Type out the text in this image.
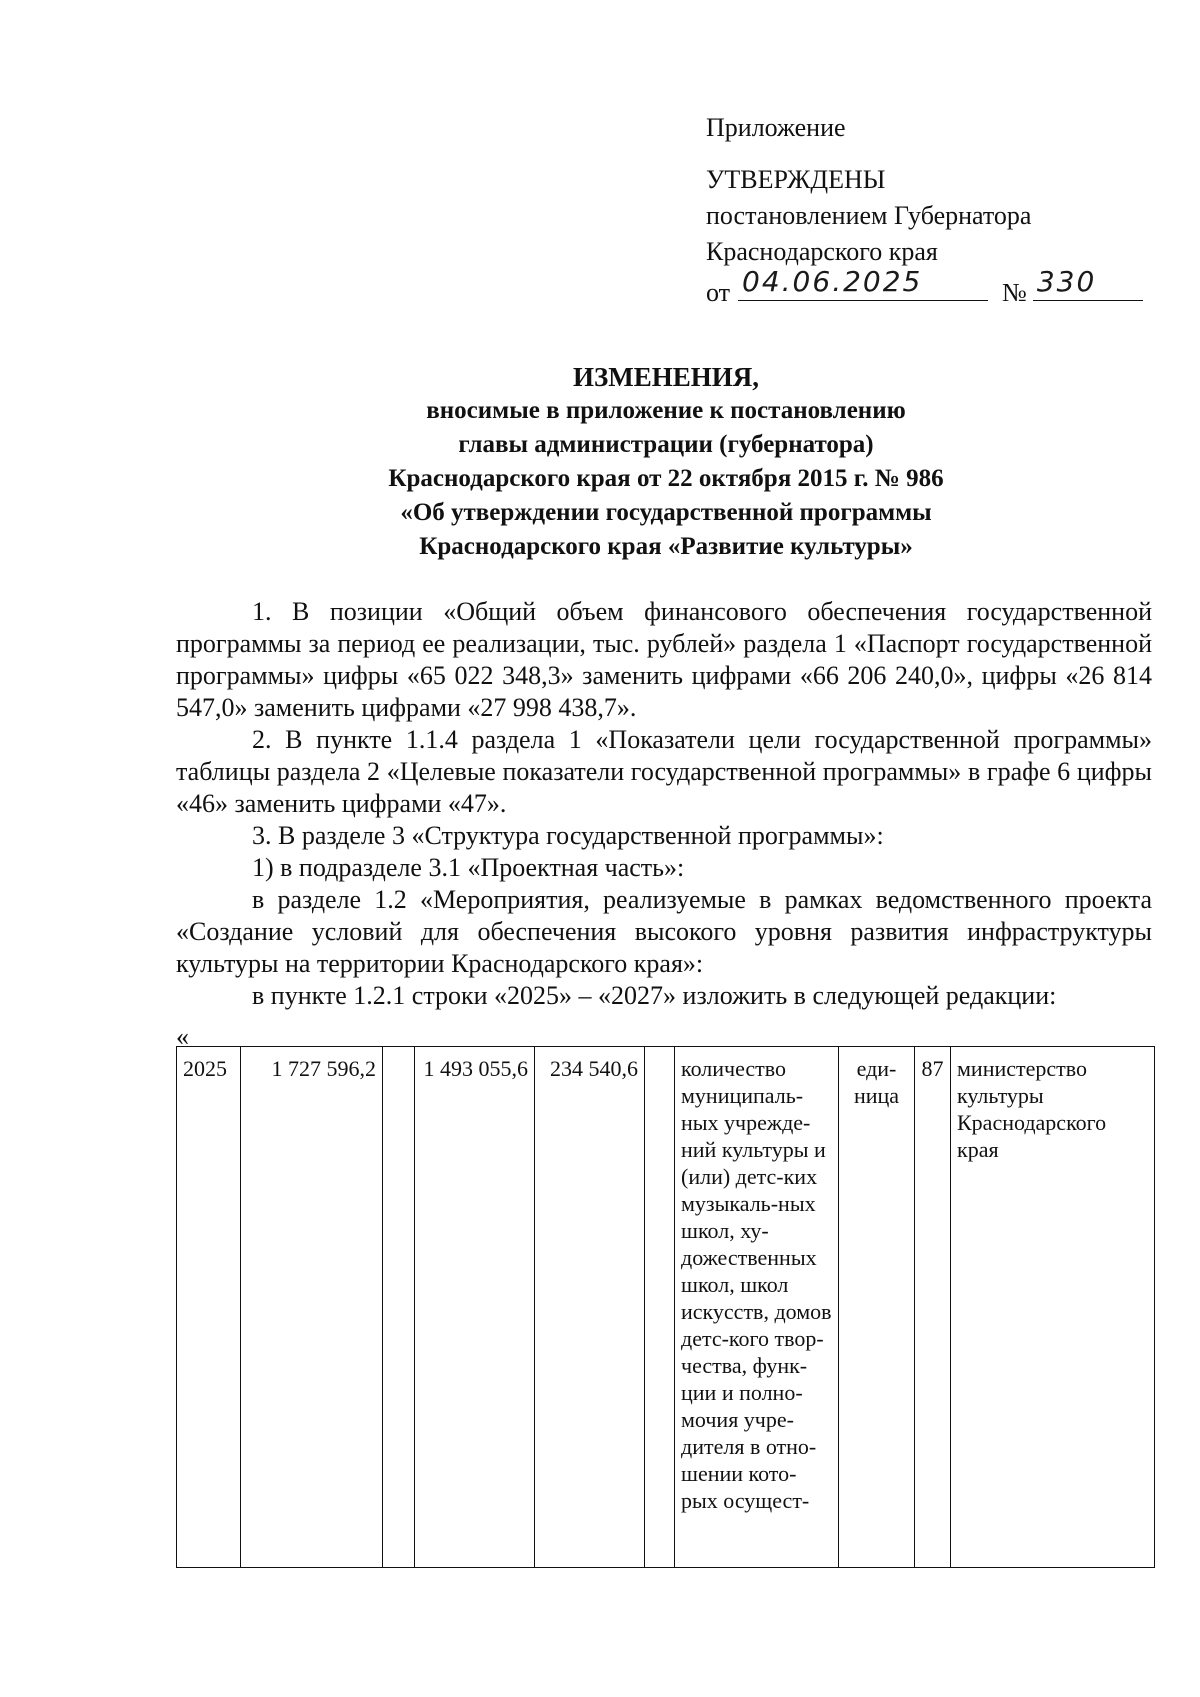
Приложение
УТВЕРЖДЕНЫ
постановлением Губернатора
Краснодарского края
от 04.06.2025	№ 330
ИЗМЕНЕНИЯ,
вносимые в приложение к постановлению
главы администрации (губернатора)
Краснодарского края от 22 октября 2015 г. № 986
«Об утверждении государственной программы
Краснодарского края «Развитие культуры»

1. В позиции «Общий объем финансового обеспечения государственной программы за период ее реализации, тыс. рублей» раздела 1 «Паспорт государственной программы» цифры «65 022 348,3» заменить цифрами «66 206 240,0», цифры «26 814 547,0» заменить цифрами «27 998 438,7».

2. В пункте 1.1.4 раздела 1 «Показатели цели государственной программы» таблицы раздела 2 «Целевые показатели государственной программы» в графе 6 цифры «46» заменить цифрами «47».

3. В разделе 3 «Структура государственной программы»:

1) в подразделе 3.1 «Проектная часть»:

в разделе 1.2 «Мероприятия, реализуемые в рамках ведомственного проекта «Создание условий для обеспечения высокого уровня развития инфраструктуры культуры на территории Краснодарского края»:

в пункте 1.2.1 строки «2025» – «2027» изложить в следующей редакции:

«
2025	1 727 596,2		1 493 055,6	234 540,6		количество муниципаль-ных учрежде-ний культуры и (или) детс-ких музыкаль-ных школ, ху-дожественных школ, школ искусств, домов детс-кого твор-чества, функ-ции и полно-мочия учре-дителя в отно-шении кото-рых осущест-	еди-ница	87	министерство культуры Краснодарского края
